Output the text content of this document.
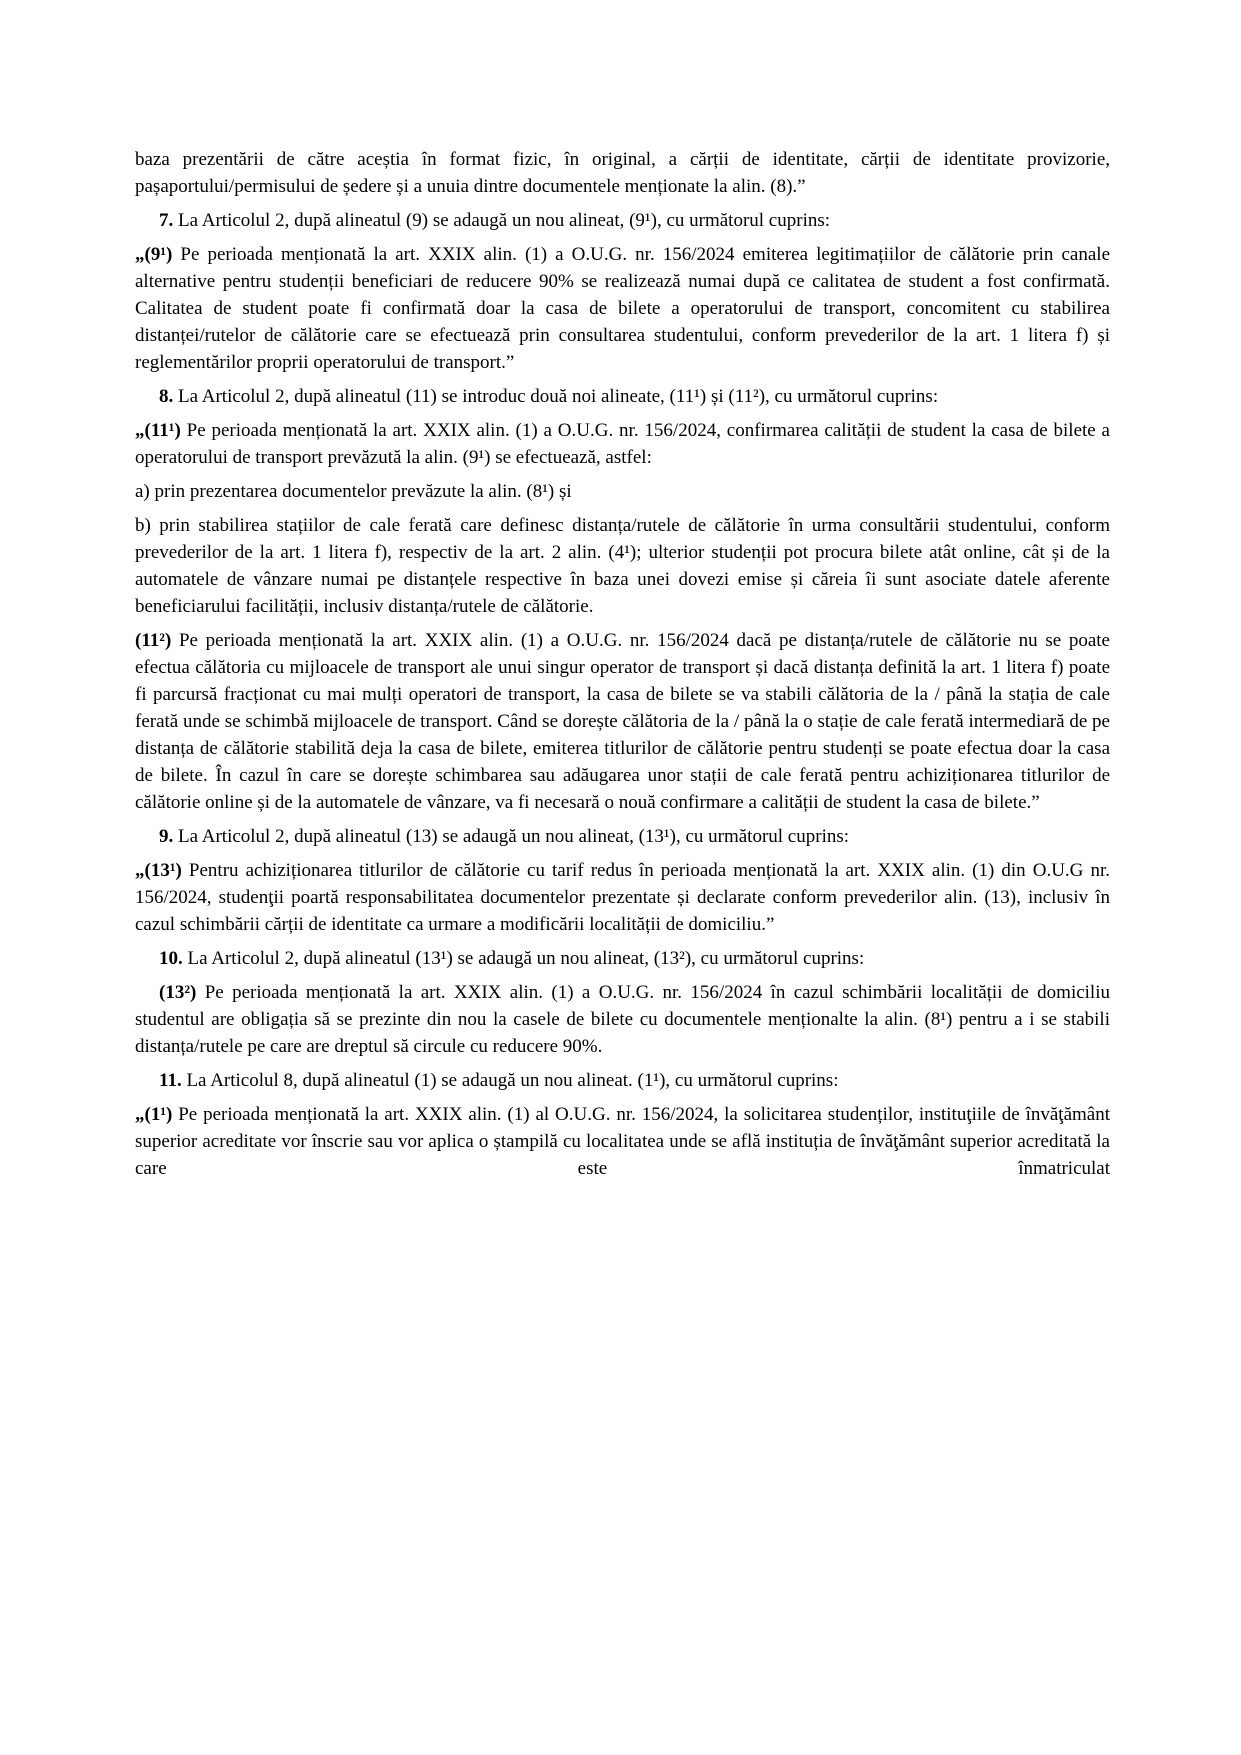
baza prezentării de către aceștia în format fizic, în original, a cărții de identitate, cărții de identitate provizorie, pașaportului/permisului de ședere și a unuia dintre documentele menționate la alin. (8).”

7. La Articolul 2, după alineatul (9) se adaugă un nou alineat, (9¹), cu următorul cuprins:

„(9¹) Pe perioada menționată la art. XXIX alin. (1) a O.U.G. nr. 156/2024 emiterea legitimațiilor de călătorie prin canale alternative pentru studenții beneficiari de reducere 90% se realizează numai după ce calitatea de student a fost confirmată. Calitatea de student poate fi confirmată doar la casa de bilete a operatorului de transport, concomitent cu stabilirea distanței/rutelor de călătorie care se efectuează prin consultarea studentului, conform prevederilor de la art. 1 litera f) și reglementărilor proprii operatorului de transport.”

8. La Articolul 2, după alineatul (11) se introduc două noi alineate, (11¹) și (11²), cu următorul cuprins:

„(11¹) Pe perioada menționată la art. XXIX alin. (1) a O.U.G. nr. 156/2024, confirmarea calității de student la casa de bilete a operatorului de transport prevăzută la alin. (9¹) se efectuează, astfel:

a) prin prezentarea documentelor prevăzute la alin. (8¹) și

b) prin stabilirea stațiilor de cale ferată care definesc distanța/rutele de călătorie în urma consultării studentului, conform prevederilor de la art. 1 litera f), respectiv de la art. 2 alin. (4¹); ulterior studenții pot procura bilete atât online, cât și de la automatele de vânzare numai pe distanțele respective în baza unei dovezi emise și căreia îi sunt asociate datele aferente beneficiarului facilității, inclusiv distanța/rutele de călătorie.

(11²) Pe perioada menționată la art. XXIX alin. (1) a O.U.G. nr. 156/2024 dacă pe distanța/rutele de călătorie nu se poate efectua călătoria cu mijloacele de transport ale unui singur operator de transport și dacă distanța definită la art. 1 litera f) poate fi parcursă fracționat cu mai mulți operatori de transport, la casa de bilete se va stabili călătoria de la / până la stația de cale ferată unde se schimbă mijloacele de transport. Când se dorește călătoria de la / până la o stație de cale ferată intermediară de pe distanța de călătorie stabilită deja la casa de bilete, emiterea titlurilor de călătorie pentru studenți se poate efectua doar la casa de bilete. În cazul în care se dorește schimbarea sau adăugarea unor stații de cale ferată pentru achiziționarea titlurilor de călătorie online și de la automatele de vânzare, va fi necesară o nouă confirmare a calității de student la casa de bilete.”

9. La Articolul 2, după alineatul (13) se adaugă un nou alineat, (13¹), cu următorul cuprins:

„(13¹) Pentru achiziționarea titlurilor de călătorie cu tarif redus în perioada menționată la art. XXIX alin. (1) din O.U.G nr. 156/2024, studenţii poartă responsabilitatea documentelor prezentate și declarate conform prevederilor alin. (13), inclusiv în cazul schimbării cărții de identitate ca urmare a modificării localității de domiciliu.”

10. La Articolul 2, după alineatul (13¹) se adaugă un nou alineat, (13²), cu următorul cuprins:

(13²) Pe perioada menționată la art. XXIX alin. (1) a O.U.G. nr. 156/2024 în cazul schimbării localității de domiciliu studentul are obligația să se prezinte din nou la casele de bilete cu documentele menționalte la alin. (8¹) pentru a i se stabili distanța/rutele pe care are dreptul să circule cu reducere 90%.

11. La Articolul 8, după alineatul (1) se adaugă un nou alineat. (1¹), cu următorul cuprins:

„(1¹) Pe perioada menționată la art. XXIX alin. (1) al O.U.G. nr. 156/2024, la solicitarea studenților, instituţiile de învăţământ superior acreditate vor înscrie sau vor aplica o ștampilă cu localitatea unde se află instituția de învăţământ superior acreditată la care este înmatriculat
